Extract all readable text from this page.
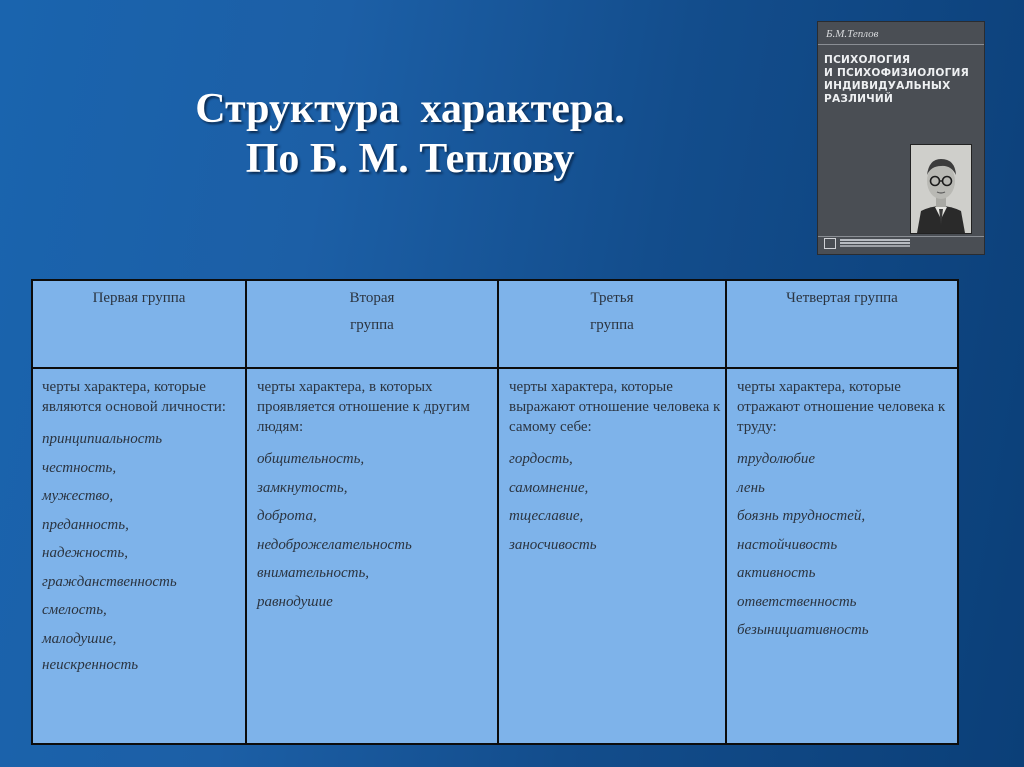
Структура  характера.
По Б. М. Теплову
Б.М.Теплов
ПСИХОЛОГИЯ
И ПСИХОФИЗИОЛОГИЯ
ИНДИВИДУАЛЬНЫХ
РАЗЛИЧИЙ
Первая группа	Вторая
группа
Третья
группа
Четвертая группа
черты характера, которые являются основой личности:
принципиальность
честность,
мужество,
преданность,
надежность,
гражданственность
смелость,
малодушие,
неискренность
черты характера, в которых проявляется отношение к другим людям:
общительность,
замкнутость,
доброта,
недоброжелательность
внимательность,
равнодушие
черты характера, которые выражают отношение человека к самому себе:
гордость,
самомнение,
тщеславие,
заносчивость
черты характера, которые отражают отношение человека к труду:
трудолюбие
лень
боязнь трудностей,
настойчивость
активность
ответственность
безынициативность
